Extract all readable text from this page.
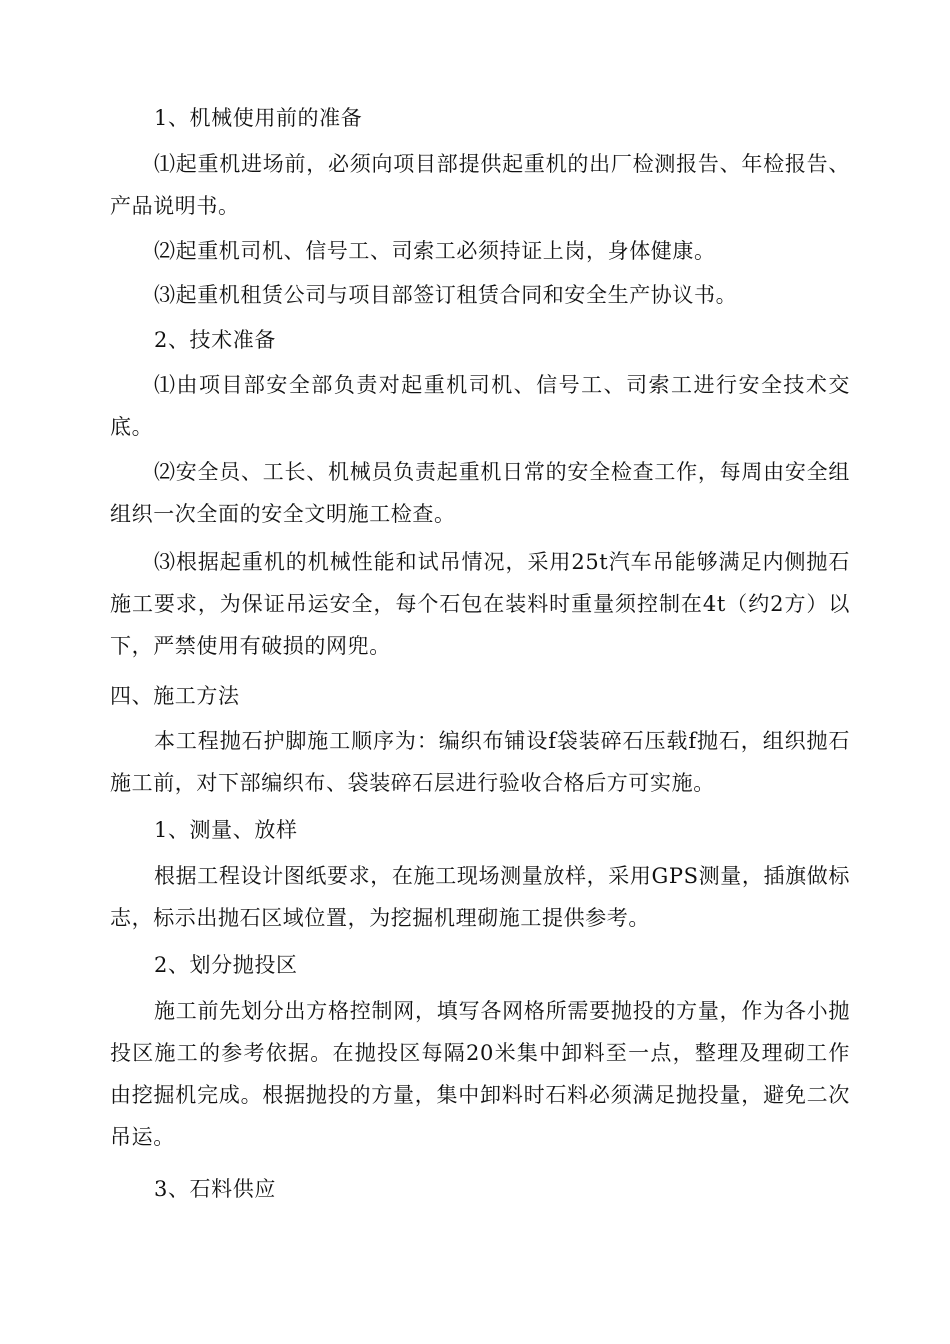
1、机械使用前的准备

⑴起重机进场前，必须向项目部提供起重机的出厂检测报告、年检报告、产品说明书。

⑵起重机司机、信号工、司索工必须持证上岗，身体健康。

⑶起重机租赁公司与项目部签订租赁合同和安全生产协议书。

2、技术准备

⑴由项目部安全部负责对起重机司机、信号工、司索工进行安全技术交底。

⑵安全员、工长、机械员负责起重机日常的安全检查工作，每周由安全组组织一次全面的安全文明施工检查。

⑶根据起重机的机械性能和试吊情况，采用25t汽车吊能够满足内侧抛石施工要求，为保证吊运安全，每个石包在装料时重量须控制在4t（约2方）以下，严禁使用有破损的网兜。

四、施工方法

本工程抛石护脚施工顺序为：编织布铺设f袋装碎石压载f抛石，组织抛石施工前，对下部编织布、袋装碎石层进行验收合格后方可实施。

1、测量、放样

根据工程设计图纸要求，在施工现场测量放样，采用GPS测量，插旗做标志，标示出抛石区域位置，为挖掘机理砌施工提供参考。

2、划分抛投区

施工前先划分出方格控制网，填写各网格所需要抛投的方量，作为各小抛投区施工的参考依据。在抛投区每隔20米集中卸料至一点，整理及理砌工作由挖掘机完成。根据抛投的方量，集中卸料时石料必须满足抛投量，避免二次吊运。

3、石料供应
